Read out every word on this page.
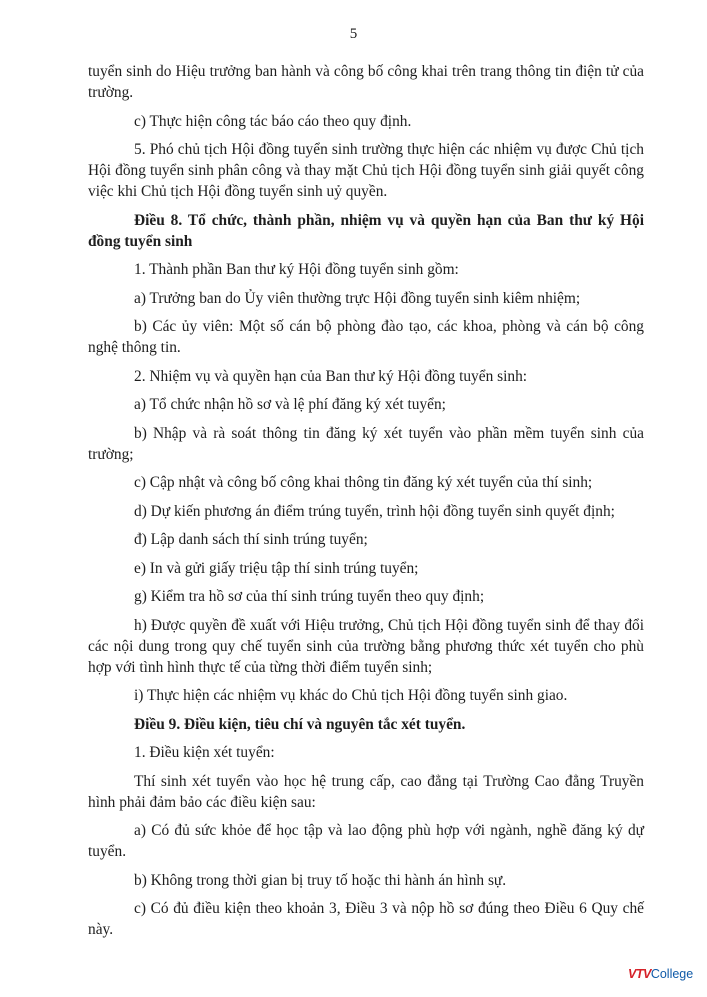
5

tuyển sinh do Hiệu trưởng ban hành và công bố công khai trên trang thông tin điện tử của trường.

c) Thực hiện công tác báo cáo theo quy định.

5. Phó chủ tịch Hội đồng tuyển sinh trường thực hiện các nhiệm vụ được Chủ tịch Hội đồng tuyển sinh phân công và thay mặt Chủ tịch Hội đồng tuyển sinh giải quyết công việc khi Chủ tịch Hội đồng tuyển sinh uỷ quyền.

Điều 8. Tổ chức, thành phần, nhiệm vụ và quyền hạn của Ban thư ký Hội đồng tuyển sinh

1. Thành phần Ban thư ký Hội đồng tuyển sinh gồm:

a) Trưởng ban do Ủy viên thường trực Hội đồng tuyển sinh kiêm nhiệm;

b) Các ủy viên: Một số cán bộ phòng đào tạo, các khoa, phòng và cán bộ công nghệ thông tin.

2. Nhiệm vụ và quyền hạn của Ban thư ký Hội đồng tuyển sinh:

a) Tổ chức nhận hồ sơ và lệ phí đăng ký xét tuyển;

b) Nhập và rà soát thông tin đăng ký xét tuyển vào phần mềm tuyển sinh của trường;

c) Cập nhật và công bố công khai thông tin đăng ký xét tuyển của thí sinh;

d) Dự kiến phương án điểm trúng tuyển, trình hội đồng tuyển sinh quyết định;

đ) Lập danh sách thí sinh trúng tuyển;

e) In và gửi giấy triệu tập thí sinh trúng tuyển;

g) Kiểm tra hồ sơ của thí sinh trúng tuyển theo quy định;

h) Được quyền đề xuất với Hiệu trưởng, Chủ tịch Hội đồng tuyển sinh để thay đổi các nội dung trong quy chế tuyển sinh của trường bằng phương thức xét tuyển cho phù hợp với tình hình thực tế của từng thời điểm tuyển sinh;

i) Thực hiện các nhiệm vụ khác do Chủ tịch Hội đồng tuyển sinh giao.

Điều 9. Điều kiện, tiêu chí và nguyên tắc xét tuyển.

1. Điều kiện xét tuyển:

Thí sinh xét tuyển vào học hệ trung cấp, cao đẳng tại Trường Cao đẳng Truyền hình phải đảm bảo các điều kiện sau:

a) Có đủ sức khỏe để học tập và lao động phù hợp với ngành, nghề đăng ký dự tuyển.

b) Không trong thời gian bị truy tố hoặc thi hành án hình sự.

c) Có đủ điều kiện theo khoản 3, Điều 3 và nộp hồ sơ đúng theo Điều 6 Quy chế này.

VTVCollege
